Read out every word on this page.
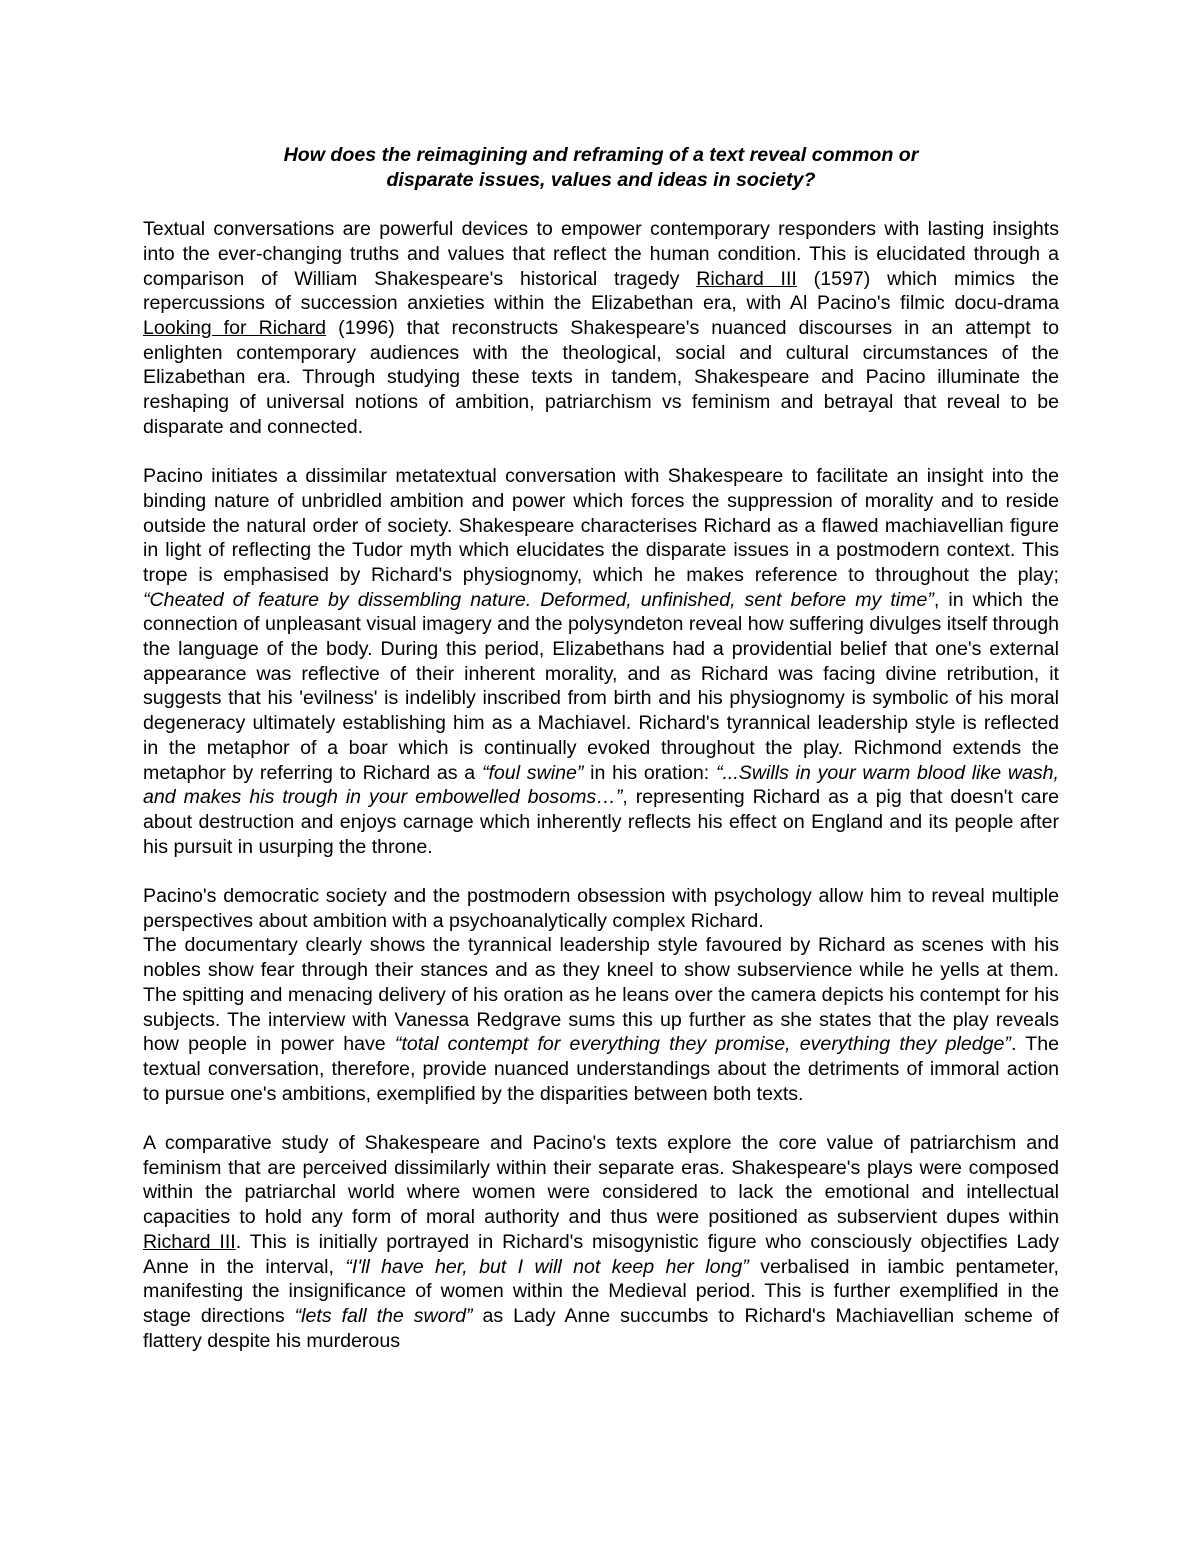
How does the reimagining and reframing of a text reveal common or
disparate issues, values and ideas in society?

Textual conversations are powerful devices to empower contemporary responders with lasting insights into the ever-changing truths and values that reflect the human condition. This is elucidated through a comparison of William Shakespeare's historical tragedy Richard III (1597) which mimics the repercussions of succession anxieties within the Elizabethan era, with Al Pacino's filmic docu-drama Looking for Richard (1996) that reconstructs Shakespeare's nuanced discourses in an attempt to enlighten contemporary audiences with the theological, social and cultural circumstances of the Elizabethan era. Through studying these texts in tandem, Shakespeare and Pacino illuminate the reshaping of universal notions of ambition, patriarchism vs feminism and betrayal that reveal to be disparate and connected.

Pacino initiates a dissimilar metatextual conversation with Shakespeare to facilitate an insight into the binding nature of unbridled ambition and power which forces the suppression of morality and to reside outside the natural order of society. Shakespeare characterises Richard as a flawed machiavellian figure in light of reflecting the Tudor myth which elucidates the disparate issues in a postmodern context. This trope is emphasised by Richard's physiognomy, which he makes reference to throughout the play; “Cheated of feature by dissembling nature. Deformed, unfinished, sent before my time”, in which the connection of unpleasant visual imagery and the polysyndeton reveal how suffering divulges itself through the language of the body. During this period, Elizabethans had a providential belief that one's external appearance was reflective of their inherent morality, and as Richard was facing divine retribution, it suggests that his 'evilness' is indelibly inscribed from birth and his physiognomy is symbolic of his moral degeneracy ultimately establishing him as a Machiavel. Richard's tyrannical leadership style is reflected in the metaphor of a boar which is continually evoked throughout the play. Richmond extends the metaphor by referring to Richard as a “foul swine” in his oration: “...Swills in your warm blood like wash, and makes his trough in your embowelled bosoms…”, representing Richard as a pig that doesn't care about destruction and enjoys carnage which inherently reflects his effect on England and its people after his pursuit in usurping the throne.

Pacino's democratic society and the postmodern obsession with psychology allow him to reveal multiple perspectives about ambition with a psychoanalytically complex Richard.

The documentary clearly shows the tyrannical leadership style favoured by Richard as scenes with his nobles show fear through their stances and as they kneel to show subservience while he yells at them. The spitting and menacing delivery of his oration as he leans over the camera depicts his contempt for his subjects. The interview with Vanessa Redgrave sums this up further as she states that the play reveals how people in power have “total contempt for everything they promise, everything they pledge”. The textual conversation, therefore, provide nuanced understandings about the detriments of immoral action to pursue one's ambitions, exemplified by the disparities between both texts.

A comparative study of Shakespeare and Pacino's texts explore the core value of patriarchism and feminism that are perceived dissimilarly within their separate eras. Shakespeare's plays were composed within the patriarchal world where women were considered to lack the emotional and intellectual capacities to hold any form of moral authority and thus were positioned as subservient dupes within Richard III. This is initially portrayed in Richard's misogynistic figure who consciously objectifies Lady Anne in the interval, “I'll have her, but I will not keep her long” verbalised in iambic pentameter, manifesting the insignificance of women within the Medieval period. This is further exemplified in the stage directions “lets fall the sword” as Lady Anne succumbs to Richard's Machiavellian scheme of flattery despite his murderous
